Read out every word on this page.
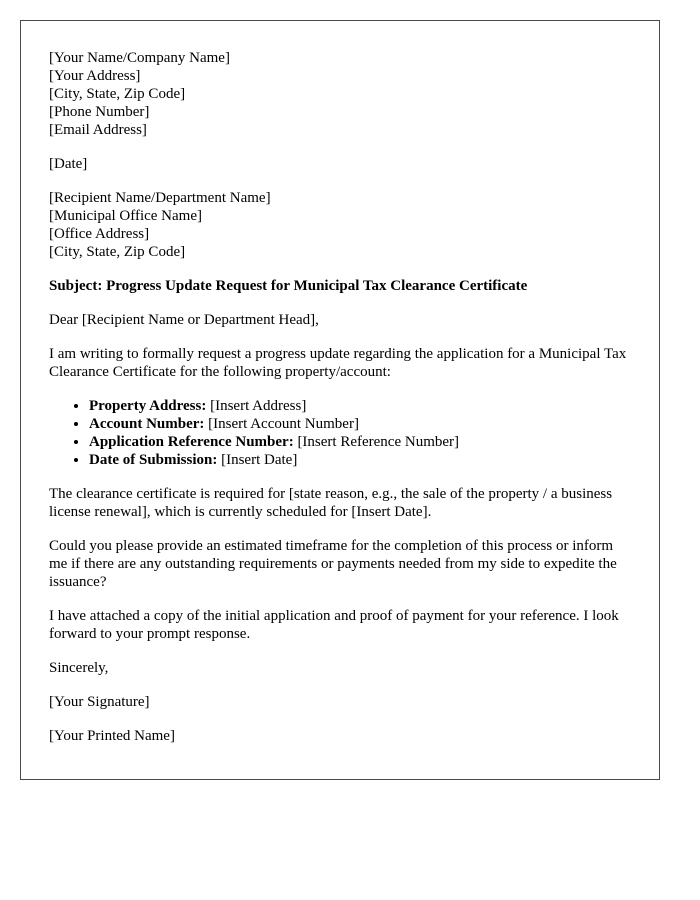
[Your Name/Company Name]
[Your Address]
[City, State, Zip Code]
[Phone Number]
[Email Address]
[Date]
[Recipient Name/Department Name]
[Municipal Office Name]
[Office Address]
[City, State, Zip Code]
Subject: Progress Update Request for Municipal Tax Clearance Certificate

Dear [Recipient Name or Department Head],

I am writing to formally request a progress update regarding the application for a Municipal Tax Clearance Certificate for the following property/account:

• Property Address: [Insert Address]
• Account Number: [Insert Account Number]
• Application Reference Number: [Insert Reference Number]
• Date of Submission: [Insert Date]

The clearance certificate is required for [state reason, e.g., the sale of the property / a business license renewal], which is currently scheduled for [Insert Date].

Could you please provide an estimated timeframe for the completion of this process or inform me if there are any outstanding requirements or payments needed from my side to expedite the issuance?

I have attached a copy of the initial application and proof of payment for your reference. I look forward to your prompt response.

Sincerely,

[Your Signature]

[Your Printed Name]
